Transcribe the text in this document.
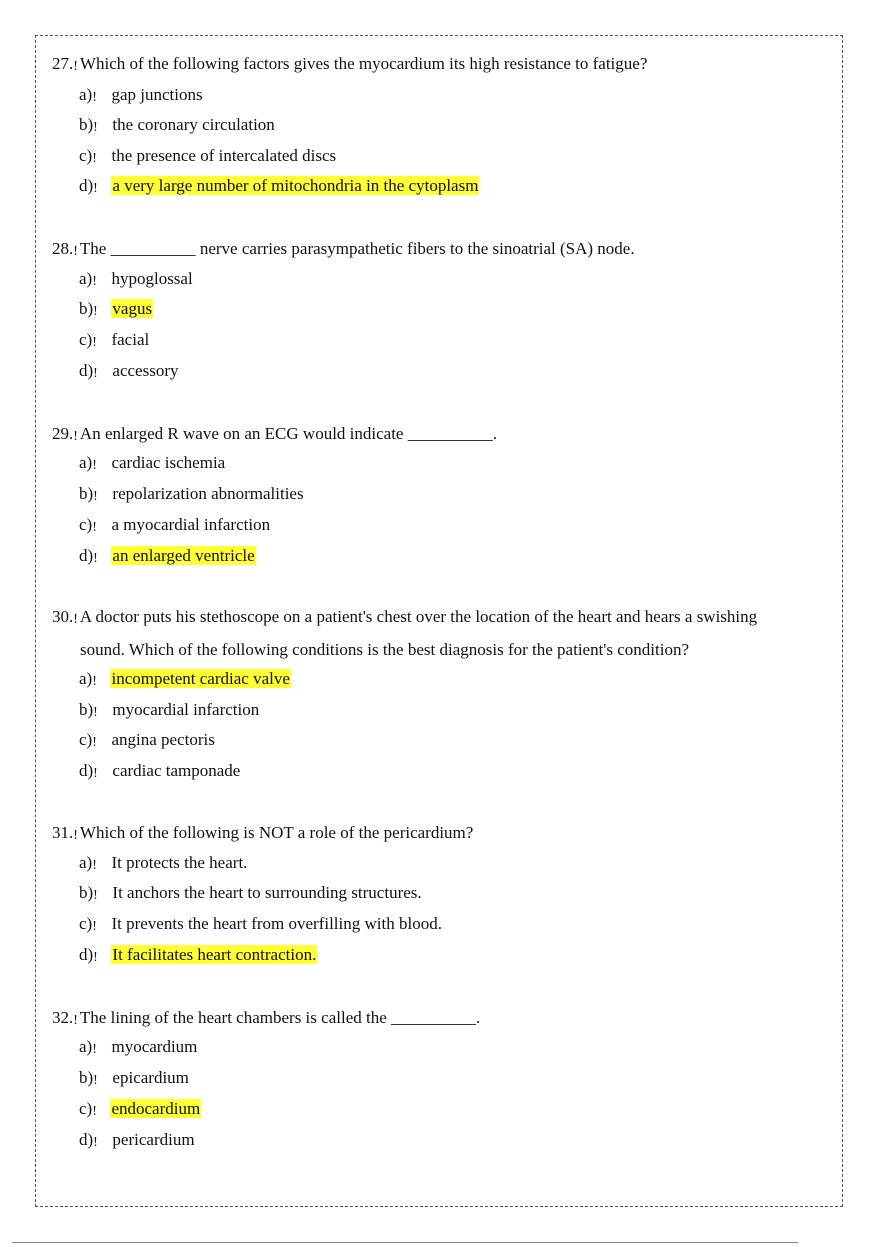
27.! Which of the following factors gives the myocardium its high resistance to fatigue?
a)! gap junctions
b)! the coronary circulation
c)! the presence of intercalated discs
d)! a very large number of mitochondria in the cytoplasm
28.! The __________ nerve carries parasympathetic fibers to the sinoatrial (SA) node.
a)! hypoglossal
b)! vagus
c)! facial
d)! accessory
29.! An enlarged R wave on an ECG would indicate __________.
a)! cardiac ischemia
b)! repolarization abnormalities
c)! a myocardial infarction
d)! an enlarged ventricle
30.! A doctor puts his stethoscope on a patient's chest over the location of the heart and hears a swishing
sound. Which of the following conditions is the best diagnosis for the patient's condition?
a)! incompetent cardiac valve
b)! myocardial infarction
c)! angina pectoris
d)! cardiac tamponade
31.! Which of the following is NOT a role of the pericardium?
a)! It protects the heart.
b)! It anchors the heart to surrounding structures.
c)! It prevents the heart from overfilling with blood.
d)! It facilitates heart contraction.
32.! The lining of the heart chambers is called the __________.
a)! myocardium
b)! epicardium
c)! endocardium
d)! pericardium
